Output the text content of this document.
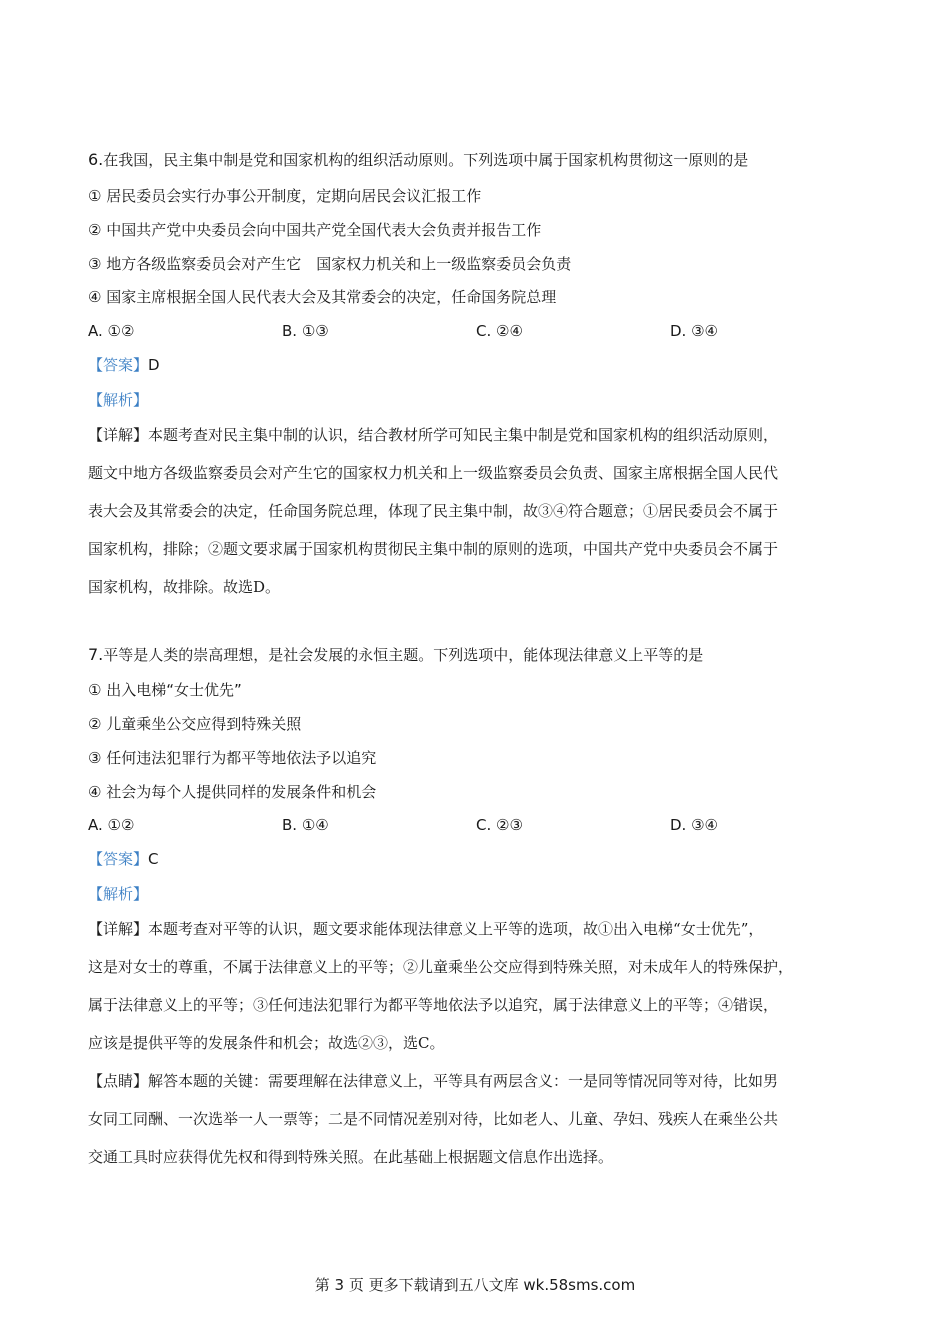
6.在我国，民主集中制是党和国家机构的组织活动原则。下列选项中属于国家机构贯彻这一原则的是
① 居民委员会实行办事公开制度，定期向居民会议汇报工作
② 中国共产党中央委员会向中国共产党全国代表大会负责并报告工作
③ 地方各级监察委员会对产生它　国家权力机关和上一级监察委员会负责
④ 国家主席根据全国人民代表大会及其常委会的决定，任命国务院总理
A. ①②	B. ①③	C. ②④	D. ③④
【答案】D
【解析】
【详解】本题考查对民主集中制的认识，结合教材所学可知民主集中制是党和国家机构的组织活动原则，
题文中地方各级监察委员会对产生它的国家权力机关和上一级监察委员会负责、国家主席根据全国人民代
表大会及其常委会的决定，任命国务院总理，体现了民主集中制，故③④符合题意；①居民委员会不属于
国家机构，排除；②题文要求属于国家机构贯彻民主集中制的原则的选项，中国共产党中央委员会不属于
国家机构，故排除。故选D。
7.平等是人类的崇高理想，是社会发展的永恒主题。下列选项中，能体现法律意义上平等的是
① 出入电梯“女士优先”
② 儿童乘坐公交应得到特殊关照
③ 任何违法犯罪行为都平等地依法予以追究
④ 社会为每个人提供同样的发展条件和机会
A. ①②	B. ①④	C. ②③	D. ③④
【答案】C
【解析】
【详解】本题考查对平等的认识，题文要求能体现法律意义上平等的选项，故①出入电梯“女士优先”，
这是对女士的尊重，不属于法律意义上的平等；②儿童乘坐公交应得到特殊关照，对未成年人的特殊保护，
属于法律意义上的平等；③任何违法犯罪行为都平等地依法予以追究，属于法律意义上的平等；④错误，
应该是提供平等的发展条件和机会；故选②③，选C。
【点睛】解答本题的关键：需要理解在法律意义上，平等具有两层含义：一是同等情况同等对待，比如男
女同工同酬、一次选举一人一票等；二是不同情况差别对待，比如老人、儿童、孕妇、残疾人在乘坐公共
交通工具时应获得优先权和得到特殊关照。在此基础上根据题文信息作出选择。
第 3 页 更多下载请到五八文库 wk.58sms.com
